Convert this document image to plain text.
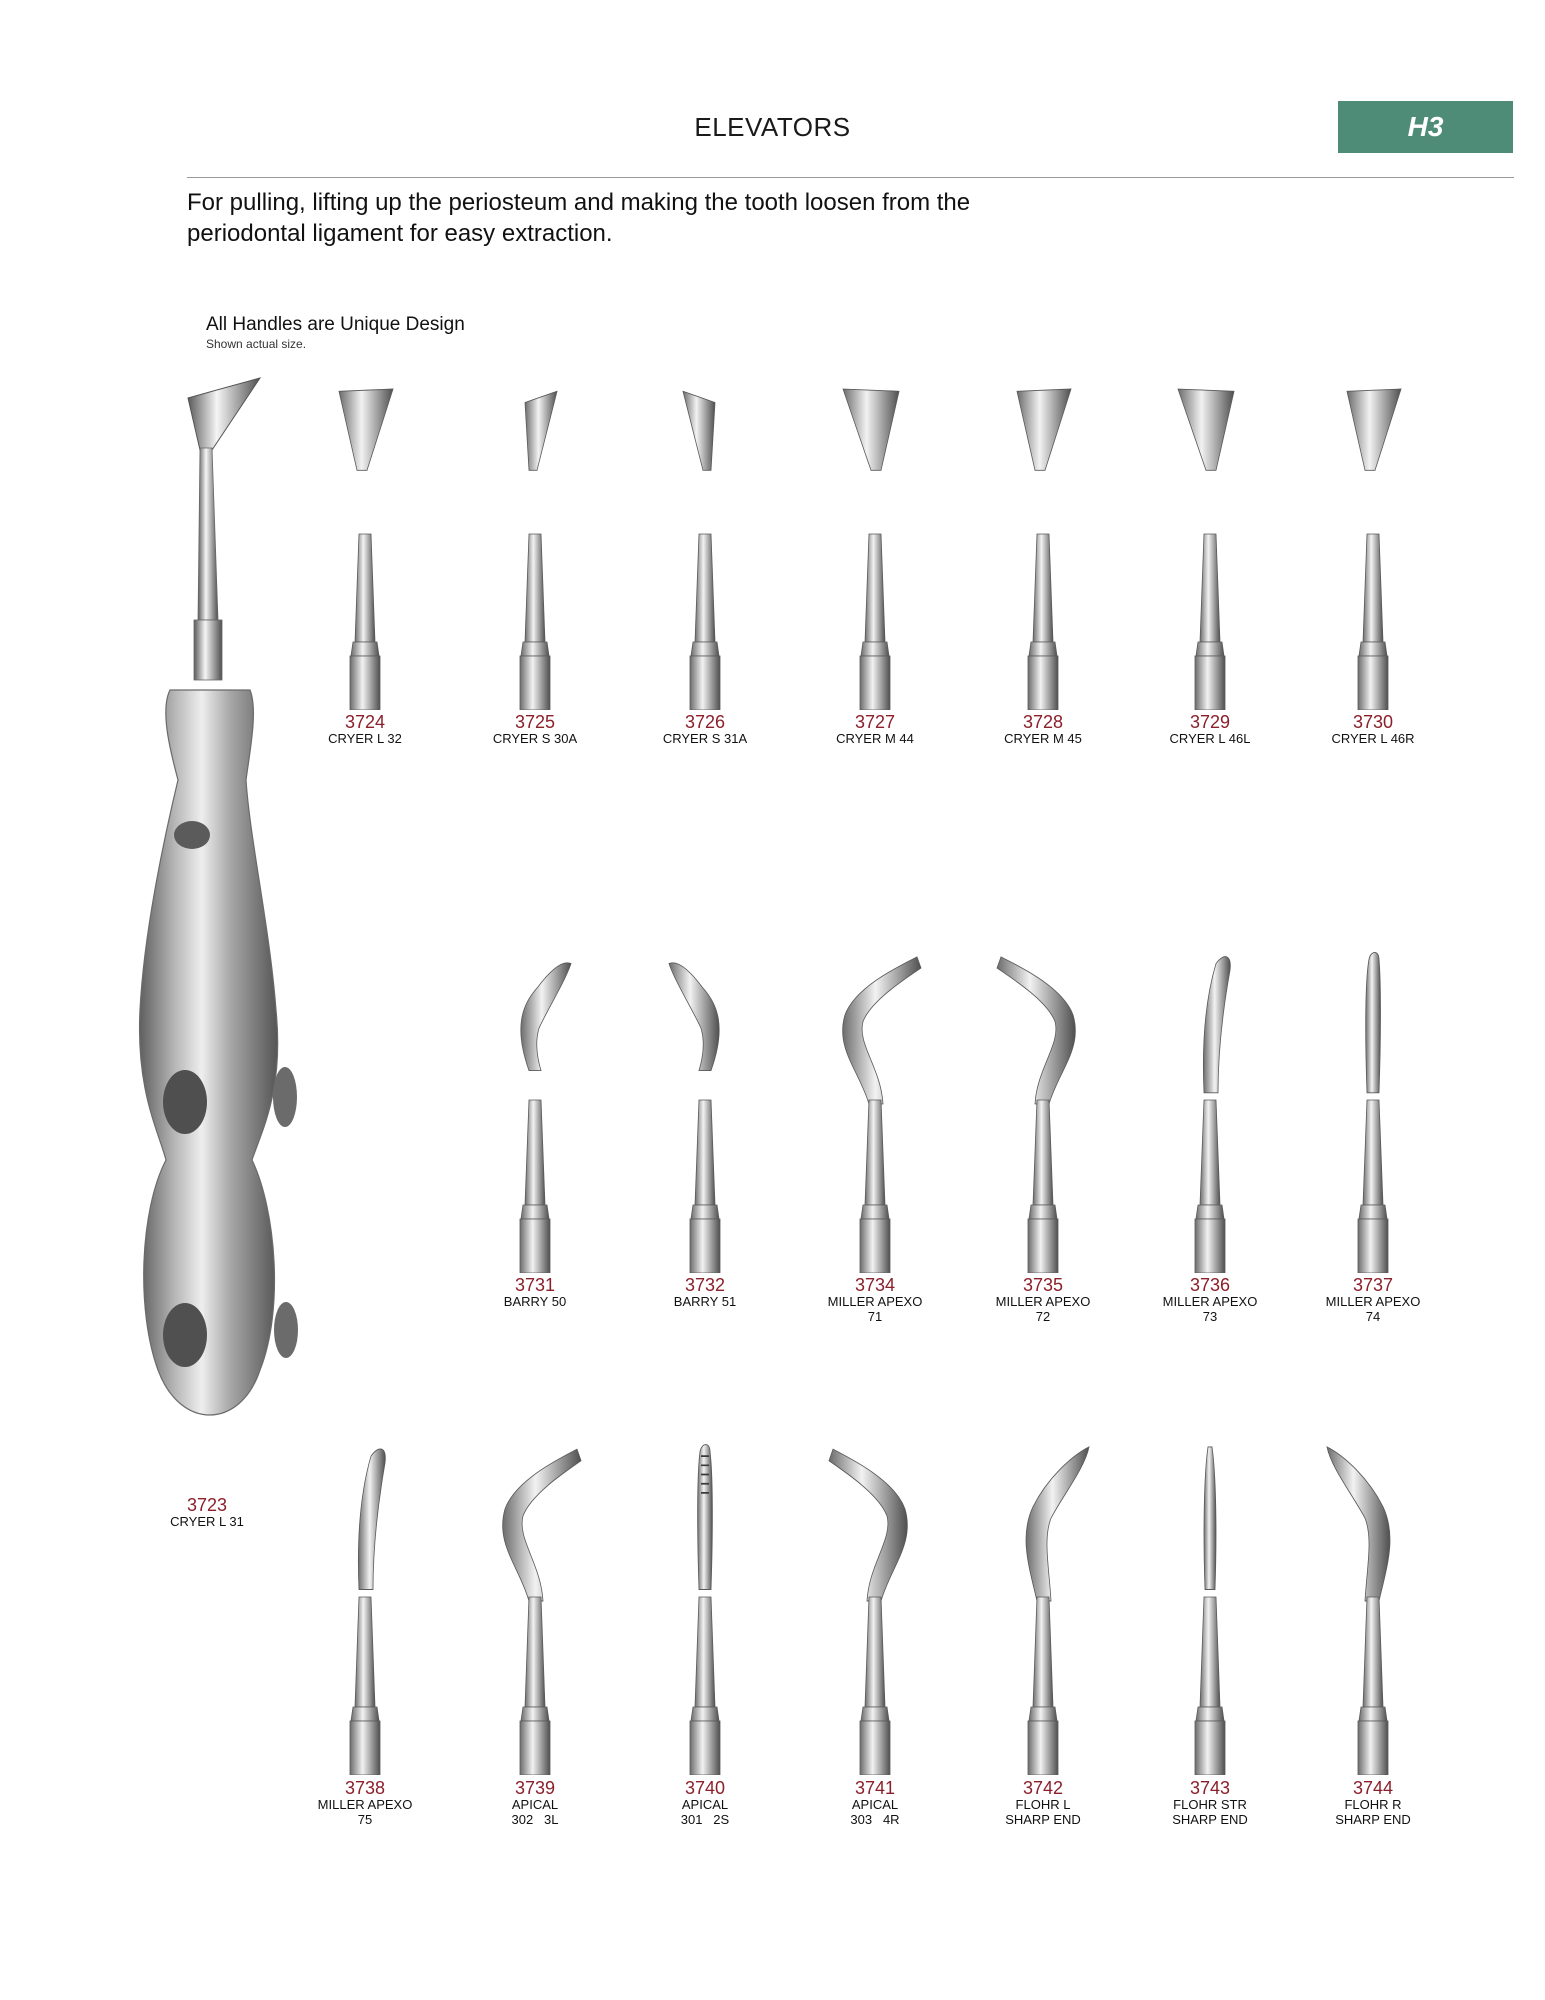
ELEVATORS	H3
For pulling, lifting up the periosteum and making the tooth loosen from the periodontal ligament for easy extraction.
All Handles are Unique Design
Shown actual size.
3723
CRYER L 31
3724
CRYER L 32
3725
CRYER S 30A
3726
CRYER S 31A
3727
CRYER M 44
3728
CRYER M 45
3729
CRYER L 46L
3730
CRYER L 46R
3731
BARRY 50
3732
BARRY 51
3734
MILLER APEXO
71
3735
MILLER APEXO
72
3736
MILLER APEXO
73
3737
MILLER APEXO
74
3738
MILLER APEXO
75
3739
APICAL
302   3L
3740
APICAL
301   2S
3741
APICAL
303   4R
3742
FLOHR L
SHARP END
3743
FLOHR STR
SHARP END
3744
FLOHR R
SHARP END
